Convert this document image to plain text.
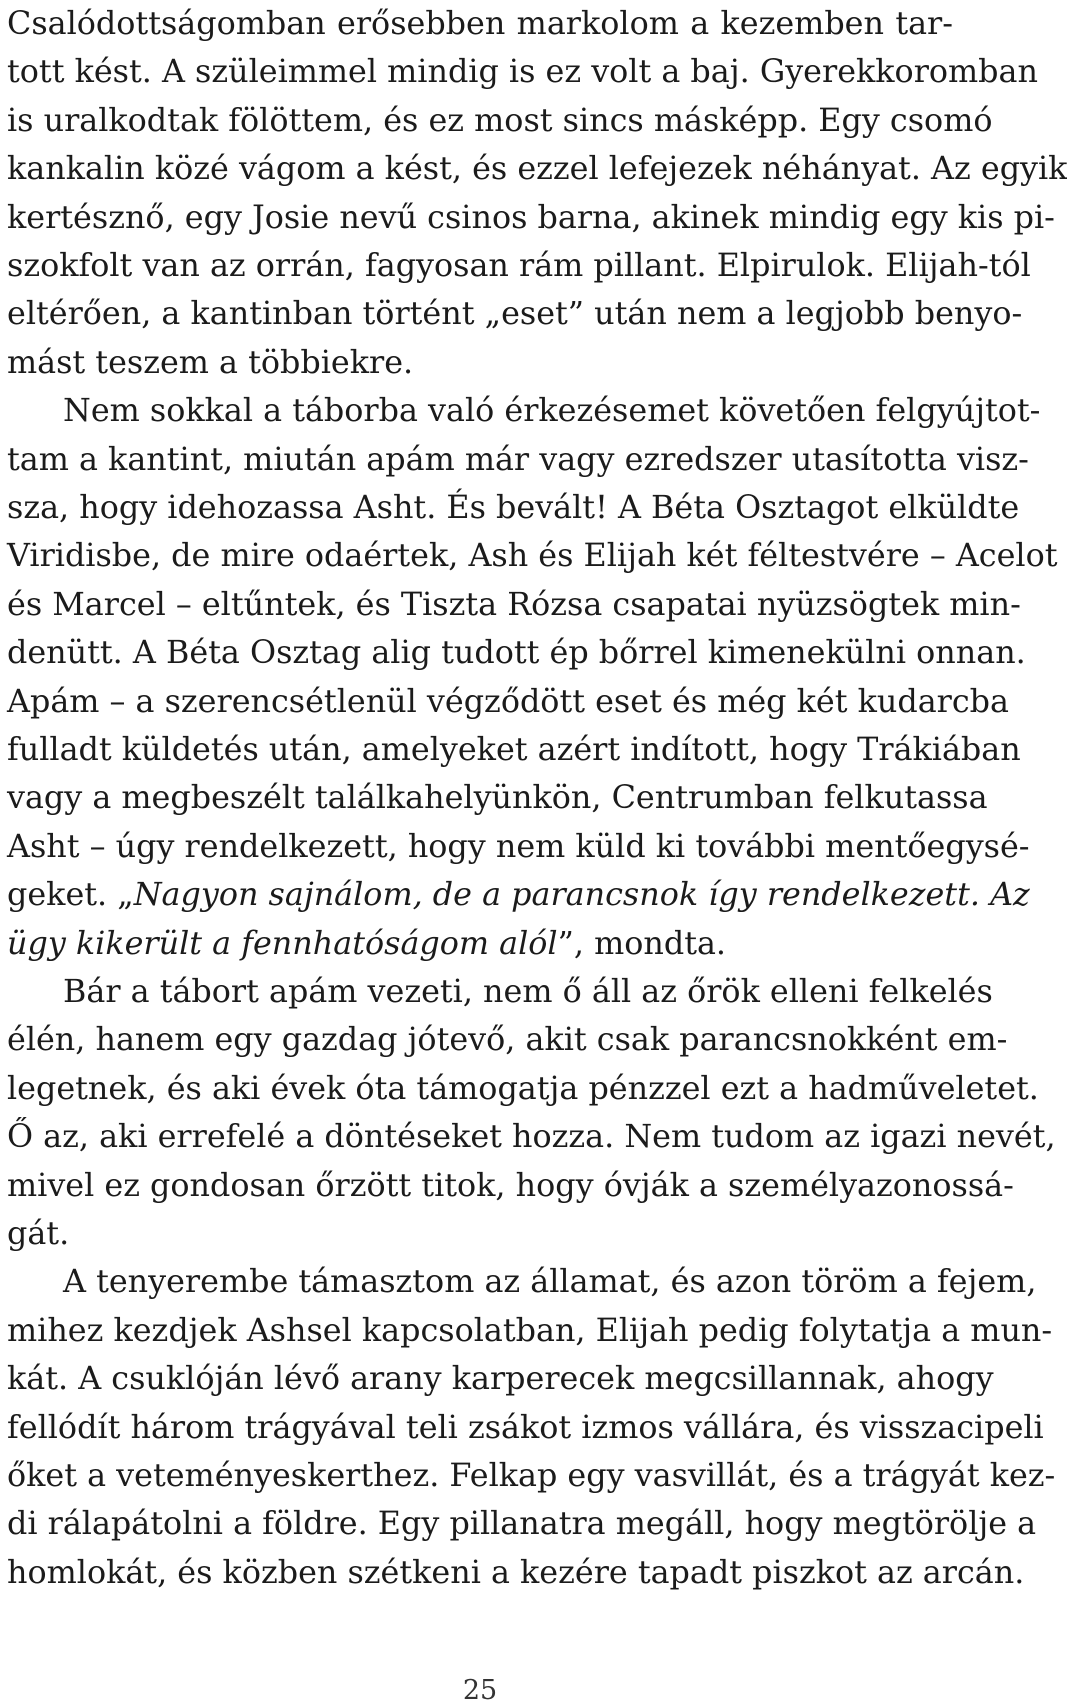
Csalódottságomban erősebben markolom a kezemben tar-
tott kést. A szüleimmel mindig is ez volt a baj. Gyerekkoromban
is uralkodtak fölöttem, és ez most sincs másképp. Egy csomó
kankalin közé vágom a kést, és ezzel lefejezek néhányat. Az egyik
kertésznő, egy Josie nevű csinos barna, akinek mindig egy kis pi-
szokfolt van az orrán, fagyosan rám pillant. Elpirulok. Elijah-tól
eltérően, a kantinban történt „eset” után nem a legjobb benyo-
mást teszem a többiekre.
Nem sokkal a táborba való érkezésemet követően felgyújtot-
tam a kantint, miután apám már vagy ezredszer utasította visz-
sza, hogy idehozassa Asht. És bevált! A Béta Osztagot elküldte
Viridisbe, de mire odaértek, Ash és Elijah két féltestvére – Acelot
és Marcel – eltűntek, és Tiszta Rózsa csapatai nyüzsögtek min-
denütt. A Béta Osztag alig tudott ép bőrrel kimenekülni onnan.
Apám – a szerencsétlenül végződött eset és még két kudarcba
fulladt küldetés után, amelyeket azért indított, hogy Trákiában
vagy a megbeszélt találkahelyünkön, Centrumban felkutassa
Asht – úgy rendelkezett, hogy nem küld ki további mentőegysé-
geket. „Nagyon sajnálom, de a parancsnok így rendelkezett. Az
ügy kikerült a fennhatóságom alól”, mondta.
Bár a tábort apám vezeti, nem ő áll az őrök elleni felkelés
élén, hanem egy gazdag jótevő, akit csak parancsnokként em-
legetnek, és aki évek óta támogatja pénzzel ezt a hadműveletet.
Ő az, aki errefelé a döntéseket hozza. Nem tudom az igazi nevét,
mivel ez gondosan őrzött titok, hogy óvják a személyazonossá-
gát.
A tenyerembe támasztom az államat, és azon töröm a fejem,
mihez kezdjek Ashsel kapcsolatban, Elijah pedig folytatja a mun-
kát. A csuklóján lévő arany karperecek megcsillannak, ahogy
fellódít három trágyával teli zsákot izmos vállára, és visszacipeli
őket a veteményeskerthez. Felkap egy vasvillát, és a trágyát kez-
di rálapátolni a földre. Egy pillanatra megáll, hogy megtörölje a
homlokát, és közben szétkeni a kezére tapadt piszkot az arcán.
25
